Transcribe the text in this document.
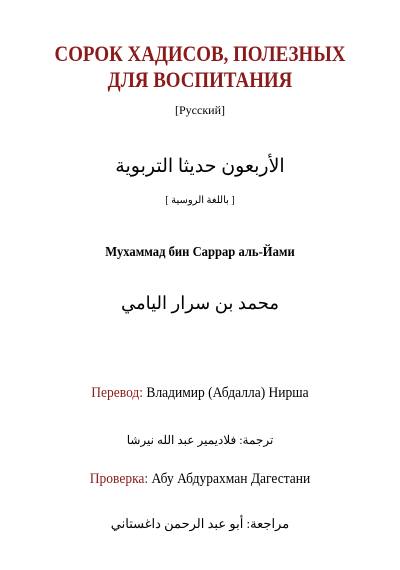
СОРОК ХАДИСОВ, ПОЛЕЗНЫХ
ДЛЯ ВОСПИТАНИЯ
[Русский]
الأربعون حديثا التربوية
[ باللغة الروسية ]
Мухаммад бин Саррар аль-Йами
محمد بن سرار اليامي
Перевод: Владимир (Абдалла) Нирша
ترجمة: فلاديمير عبد الله نيرشا
Проверка: Абу Абдурахман Дагестани
مراجعة: أبو عبد الرحمن داغستاني
